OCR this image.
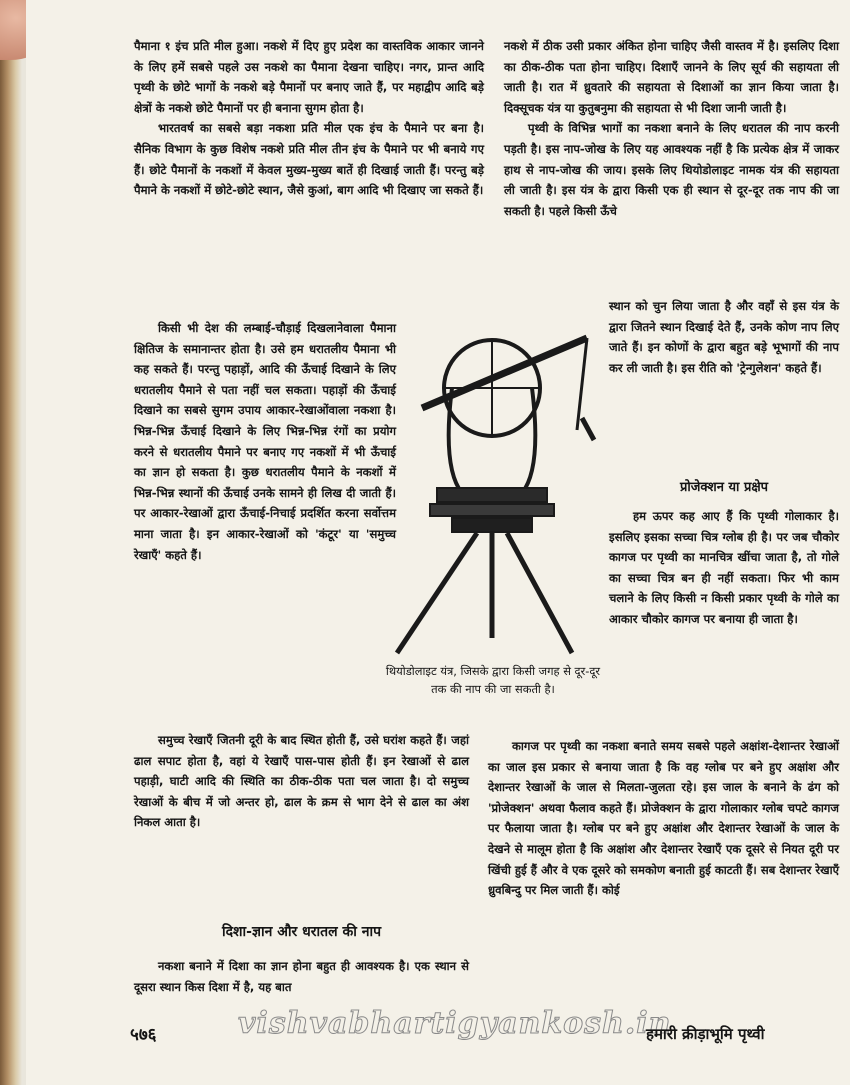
पैमाना १ इंच प्रति मील हुआ। नकशे में दिए हुए प्रदेश का वास्तविक आकार जानने के लिए हमें सबसे पहले उस नकशे का पैमाना देखना चाहिए। नगर, प्रान्त आदि पृथ्वी के छोटे भागों के नकशे बड़े पैमानों पर बनाए जाते हैं, पर महाद्वीप आदि बड़े क्षेत्रों के नकशे छोटे पैमानों पर ही बनाना सुगम होता है।

भारतवर्ष का सबसे बड़ा नकशा प्रति मील एक इंच के पैमाने पर बना है। सैनिक विभाग के कुछ विशेष नकशे प्रति मील तीन इंच के पैमाने पर भी बनाये गए हैं। छोटे पैमानों के नकशों में केवल मुख्य-मुख्य बातें ही दिखाई जाती हैं। परन्तु बड़े पैमाने के नकशों में छोटे-छोटे स्थान, जैसे कुआं, बाग आदि भी दिखाए जा सकते हैं।

किसी भी देश की लम्बाई-चौड़ाई दिखलानेवाला पैमाना क्षितिज के समानान्तर होता है। उसे हम धरातलीय पैमाना भी कह सकते हैं। परन्तु पहाड़ों, आदि की ऊँचाई दिखाने के लिए धरातलीय पैमाने से पता नहीं चल सकता। पहाड़ों की ऊँचाई दिखाने का सबसे सुगम उपाय आकार-रेखाओंवाला नकशा है। भिन्न-भिन्न ऊँचाई दिखाने के लिए भिन्न-भिन्न रंगों का प्रयोग करने से धरातलीय पैमाने पर बनाए गए नकशों में भी ऊँचाई का ज्ञान हो सकता है। कुछ धरातलीय पैमाने के नकशों में भिन्न-भिन्न स्थानों की ऊँचाई उनके सामने ही लिख दी जाती हैं। पर आकार-रेखाओं द्वारा ऊँचाई-निचाई प्रदर्शित करना सर्वोत्तम माना जाता है। इन आकार-रेखाओं को 'कंटूर' या 'समुच्च रेखाएँ' कहते हैं।

थियोडोलाइट यंत्र, जिसके द्वारा किसी जगह से दूर-दूर तक की नाप की जा सकती है।

नकशे में ठीक उसी प्रकार अंकित होना चाहिए जैसी वास्तव में है। इसलिए दिशा का ठीक-ठीक पता होना चाहिए। दिशाएँ जानने के लिए सूर्य की सहायता ली जाती है। रात में ध्रुवतारे की सहायता से दिशाओं का ज्ञान किया जाता है। दिक्सूचक यंत्र या कुतुबनुमा की सहायता से भी दिशा जानी जाती है।

पृथ्वी के विभिन्न भागों का नकशा बनाने के लिए धरातल की नाप करनी पड़ती है। इस नाप-जोख के लिए यह आवश्यक नहीं है कि प्रत्येक क्षेत्र में जाकर हाथ से नाप-जोख की जाय। इसके लिए थियोडोलाइट नामक यंत्र की सहायता ली जाती है। इस यंत्र के द्वारा किसी एक ही स्थान से दूर-दूर तक नाप की जा सकती है। पहले किसी ऊँचे

स्थान को चुन लिया जाता है और वहाँ से इस यंत्र के द्वारा जितने स्थान दिखाई देते हैं, उनके कोण नाप लिए जाते हैं। इन कोणों के द्वारा बहुत बड़े भूभागों की नाप कर ली जाती है। इस रीति को 'ट्रेन्गुलेशन' कहते हैं।

प्रोजेक्शन या प्रक्षेप

हम ऊपर कह आए हैं कि पृथ्वी गोलाकार है। इसलिए इसका सच्चा चित्र ग्लोब ही है। पर जब चौकोर कागज पर पृथ्वी का मानचित्र खींचा जाता है, तो गोले का सच्चा चित्र बन ही नहीं सकता। फिर भी काम चलाने के लिए किसी न किसी प्रकार पृथ्वी के गोले का आकार चौकोर कागज पर बनाया ही जाता है।

समुच्च रेखाएँ जितनी दूरी के बाद स्थित होती हैं, उसे घरांश कहते हैं। जहां ढाल सपाट होता है, वहां ये रेखाएँ पास-पास होती हैं। इन रेखाओं से ढाल पहाड़ी, घाटी आदि की स्थिति का ठीक-ठीक पता चल जाता है। दो समुच्च रेखाओं के बीच में जो अन्तर हो, ढाल के क्रम से भाग देने से ढाल का अंश निकल आता है।

कागज पर पृथ्वी का नकशा बनाते समय सबसे पहले अक्षांश-देशान्तर रेखाओं का जाल इस प्रकार से बनाया जाता है कि वह ग्लोब पर बने हुए अक्षांश और देशान्तर रेखाओं के जाल से मिलता-जुलता रहे। इस जाल के बनाने के ढंग को 'प्रोजेक्शन' अथवा फैलाव कहते हैं। प्रोजेक्शन के द्वारा गोलाकार ग्लोब चपटे कागज पर फैलाया जाता है। ग्लोब पर बने हुए अक्षांश और देशान्तर रेखाओं के जाल के देखने से मालूम होता है कि अक्षांश और देशान्तर रेखाएँ एक दूसरे से नियत दूरी पर खिंची हुई हैं और वे एक दूसरे को समकोण बनाती हुई काटती हैं। सब देशान्तर रेखाएँ ध्रुवबिन्दु पर मिल जाती हैं। कोई

दिशा-ज्ञान और धरातल की नाप

नकशा बनाने में दिशा का ज्ञान होना बहुत ही आवश्यक है। एक स्थान से दूसरा स्थान किस दिशा में है, यह बात

५७६	vishvabhartigyankosh.in
हमारी क्रीड़ाभूमि पृथ्वी
